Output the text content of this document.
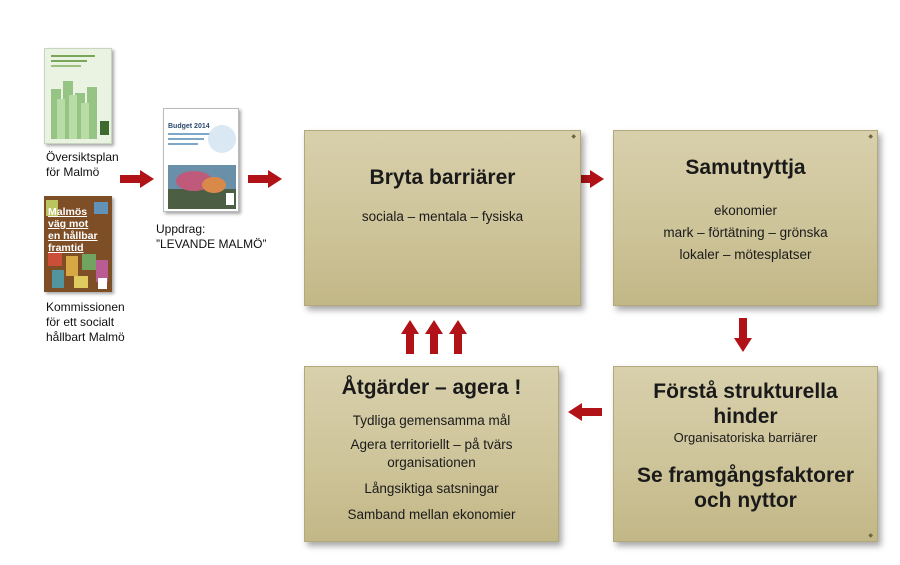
Översiktsplan
för Malmö
Malmös
väg mot
en hållbar
framtid
Kommissionen
för ett socialt
hållbart Malmö
Budget 2014
Uppdrag:
”LEVANDE MALMÖ”
Bryta barriärer
sociala – mentala – fysiska
◆
Samutnyttja
ekonomier
mark – förtätning – grönska
lokaler – mötesplatser
◆
Åtgärder – agera !
Tydliga gemensamma mål
Agera territoriellt – på tvärs
organisationen
Långsiktiga satsningar
Samband mellan ekonomier
Förstå strukturella
hinder
Organisatoriska barriärer
Se framgångsfaktorer
och nyttor
◆
